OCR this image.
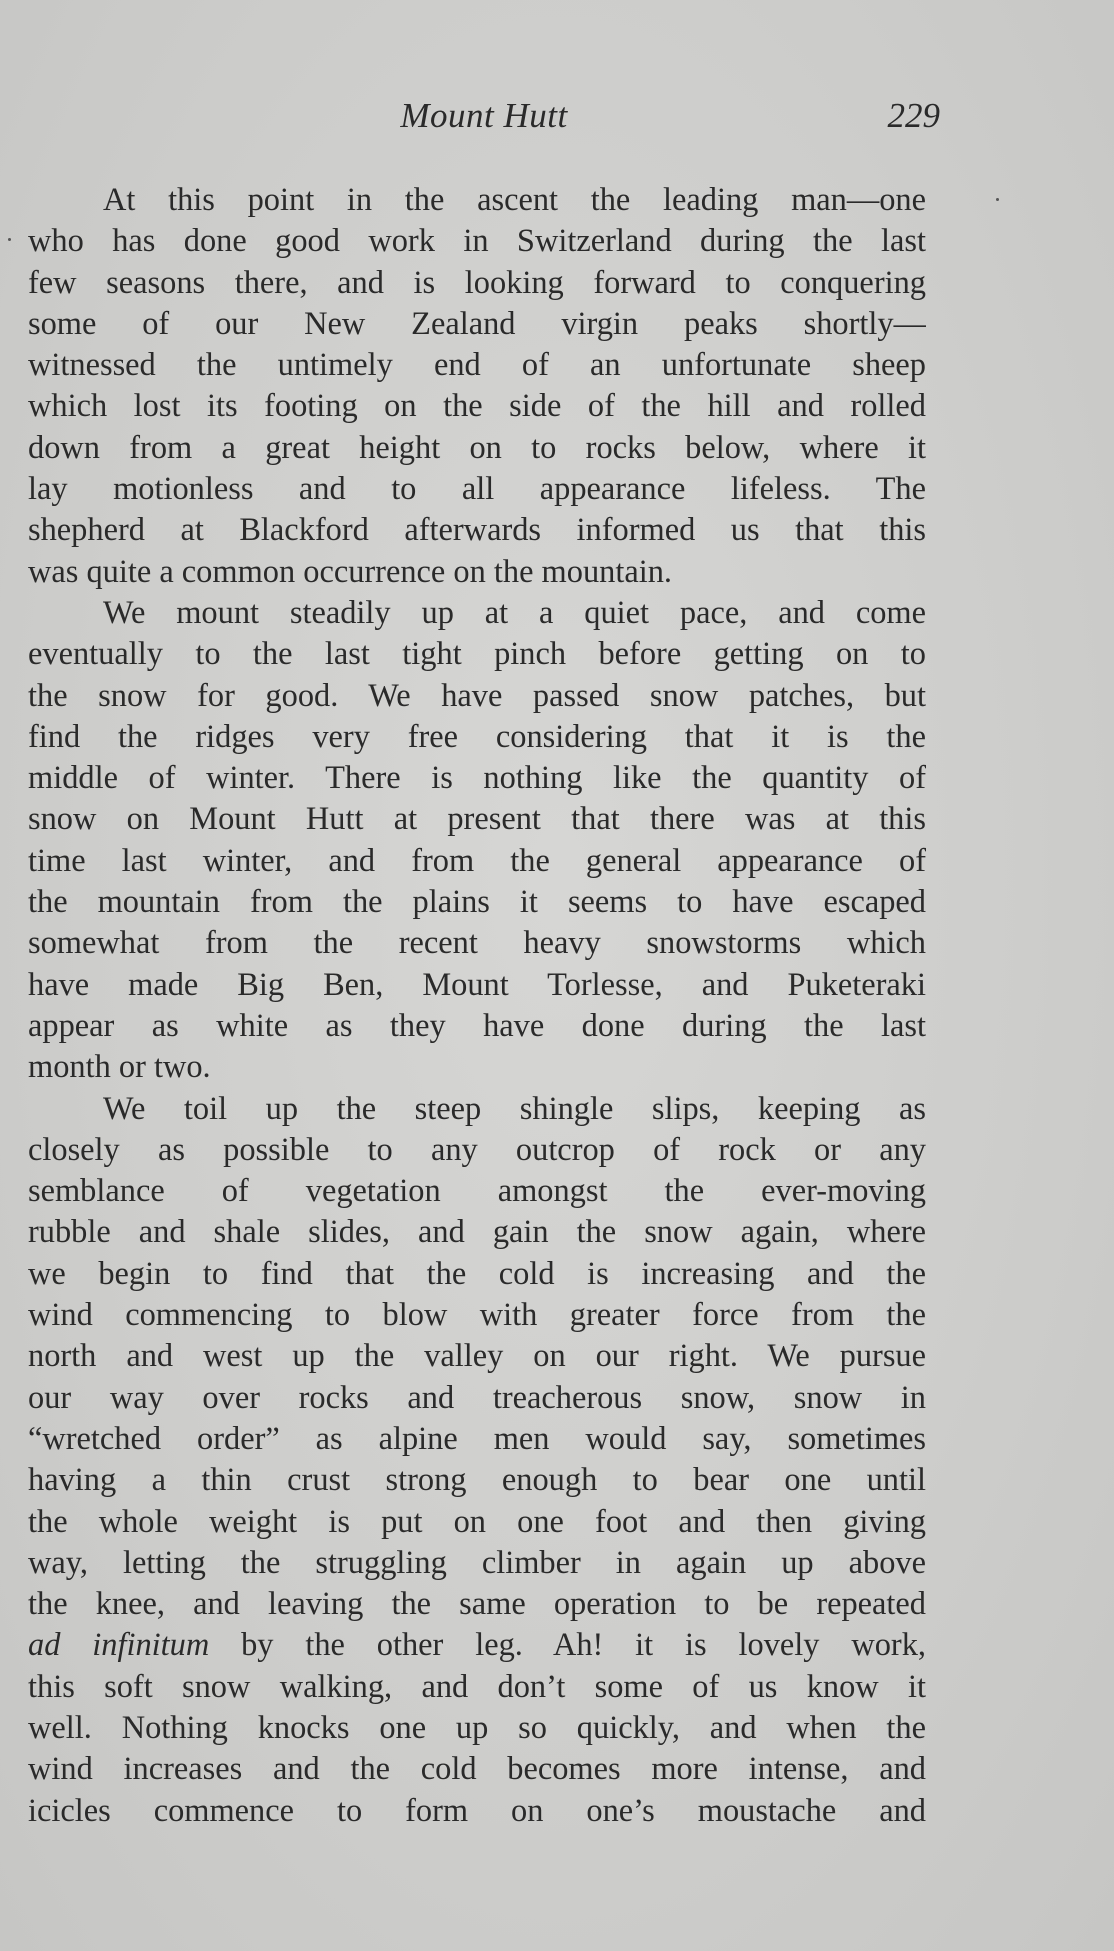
Mount Hutt	229
At this point in the ascent the leading man—one
who has done good work in Switzerland during the last
few seasons there, and is looking forward to conquering
some of our New Zealand virgin peaks shortly—
witnessed the untimely end of an unfortunate sheep
which lost its footing on the side of the hill and rolled
down from a great height on to rocks below, where it
lay motionless and to all appearance lifeless. The
shepherd at Blackford afterwards informed us that this
was quite a common occurrence on the mountain.
We mount steadily up at a quiet pace, and come
eventually to the last tight pinch before getting on to
the snow for good. We have passed snow patches, but
find the ridges very free considering that it is the
middle of winter. There is nothing like the quantity of
snow on Mount Hutt at present that there was at this
time last winter, and from the general appearance of
the mountain from the plains it seems to have escaped
somewhat from the recent heavy snowstorms which
have made Big Ben, Mount Torlesse, and Puketeraki
appear as white as they have done during the last
month or two.
We toil up the steep shingle slips, keeping as
closely as possible to any outcrop of rock or any
semblance of vegetation amongst the ever-moving
rubble and shale slides, and gain the snow again, where
we begin to find that the cold is increasing and the
wind commencing to blow with greater force from the
north and west up the valley on our right. We pursue
our way over rocks and treacherous snow, snow in
“wretched order” as alpine men would say, sometimes
having a thin crust strong enough to bear one until
the whole weight is put on one foot and then giving
way, letting the struggling climber in again up above
the knee, and leaving the same operation to be repeated
ad infinitum by the other leg. Ah! it is lovely work,
this soft snow walking, and don’t some of us know it
well. Nothing knocks one up so quickly, and when the
wind increases and the cold becomes more intense, and
icicles commence to form on one’s moustache and
